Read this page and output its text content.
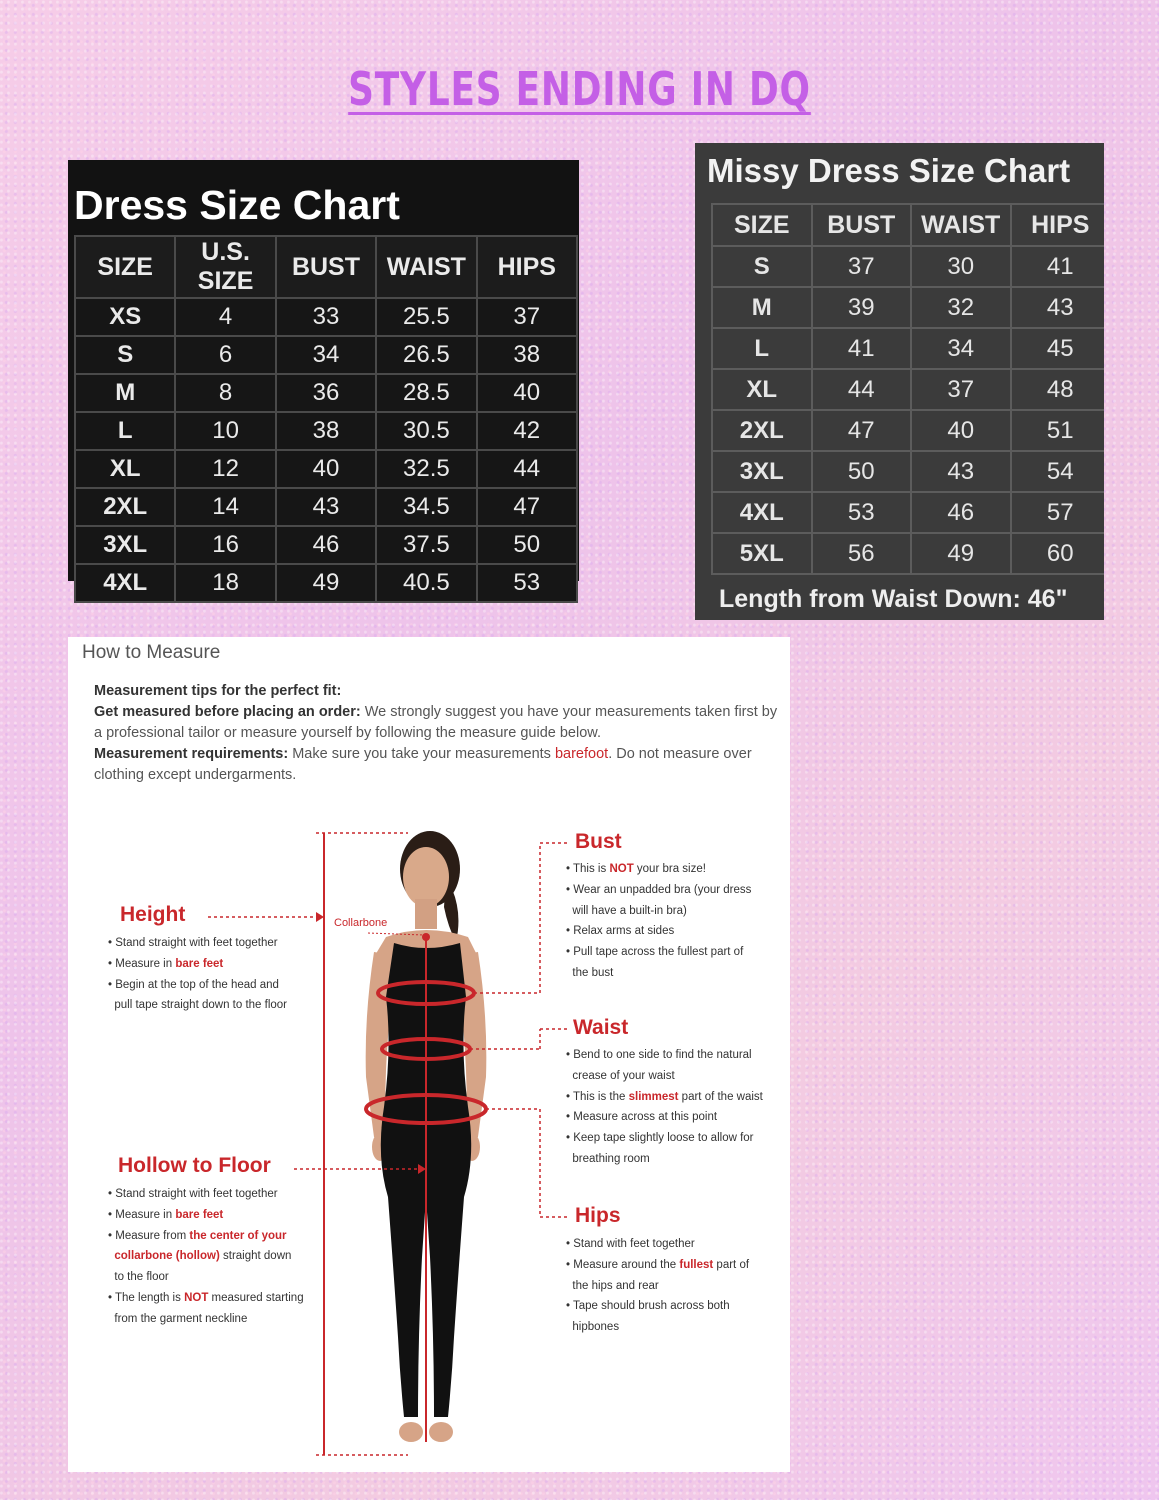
STYLES ENDING IN DQ
Dress Size Chart
SIZE	U.S. SIZE	BUST	WAIST	HIPS
XS	4	33	25.5	37
S	6	34	26.5	38
M	8	36	28.5	40
L	10	38	30.5	42
XL	12	40	32.5	44
2XL	14	43	34.5	47
3XL	16	46	37.5	50
4XL	18	49	40.5	53
Missy Dress Size Chart
SIZE	BUST	WAIST	HIPS
S	37	30	41
M	39	32	43
L	41	34	45
XL	44	37	48
2XL	47	40	51
3XL	50	43	54
4XL	53	46	57
5XL	56	49	60
Length from Waist Down: 46"
How to Measure
Measurement tips for the perfect fit:
Get measured before placing an order: We strongly suggest you have your measurements taken first by a professional tailor or measure yourself by following the measure guide below.
Measurement requirements: Make sure you take your measurements barefoot. Do not measure over clothing except undergarments.
Collarbone
Height
• Stand straight with feet together
• Measure in bare feet
• Begin at the top of the head and
pull tape straight down to the floor
Hollow to Floor
• Stand straight with feet together
• Measure in bare feet
• Measure from the center of your
collarbone (hollow) straight down
to the floor
• The length is NOT measured starting
from the garment neckline
Bust
• This is NOT your bra size!
• Wear an unpadded bra (your dress
will have a built-in bra)
• Relax arms at sides
• Pull tape across the fullest part of
the bust
Waist
• Bend to one side to find the natural
crease of your waist
• This is the slimmest part of the waist
• Measure across at this point
• Keep tape slightly loose to allow for
breathing room
Hips
• Stand with feet together
• Measure around the fullest part of
the hips and rear
• Tape should brush across both
hipbones
